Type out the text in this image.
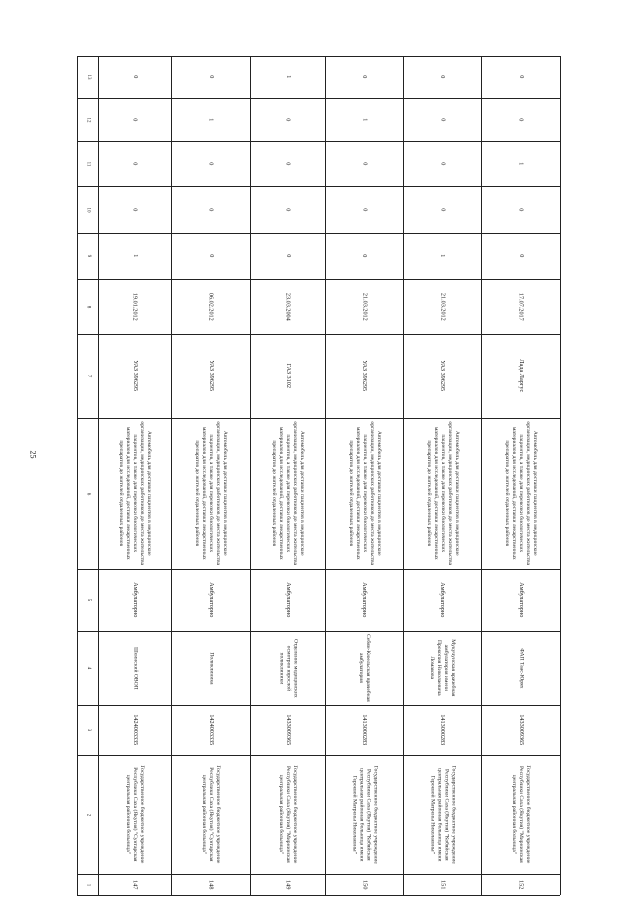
25
1
2
3
4
5
6
7
8
9
10
11
12
13
147
Государственное бюджетное учреждение Республики Саха (Якутия) "Сунтарская центральная районная больница"
1424003335
Шеинский ОВОП
Амбулаторно
Автомобиль для доставки пациентов в медицинские организации, медицинских работников до места жительства пациентов, а также для перевозки биологических материалов для исследований, доставки лекарственных препаратов до жителей отдаленных районов
УАЗ 396295
19.01.2012
1
0
0
0
0
148
Государственное бюджетное учреждение Республики Саха (Якутия) "Сунтарская центральная районная больница"
1424003335
Поликлиника
Амбулаторно
Автомобиль для доставки пациентов в медицинские организации, медицинских работников до места жительства пациентов, а также для перевозки биологических материалов для исследований, доставки лекарственных препаратов до жителей отдаленных районов
УАЗ 396295
06.02.2012
0
0
0
1
0
149
Государственное бюджетное учреждение Республики Саха (Якутия) "Мирнинская центральная районная больница"
1433009365
Отделение медицинских осмотров взрослой поликлиники
Амбулаторно
Автомобиль для доставки пациентов в медицинские организации, медицинских работников до места жительства пациентов, а также для перевозки биологических материалов для исследований, доставки лекарственных препаратов до жителей отдаленных районов
ГАЗ 3102
23.03.2004
0
0
0
0
1
150
Государственное бюджетное учреждение Республики Саха (Якутия) "Кобяйская центральная районная больница имени Героевой Матрены Николаевны"
1413000283
Себян-Кюельская врачебная амбулатория
Амбулаторно
Автомобиль для доставки пациентов в медицинские организации, медицинских работников до места жительства пациентов, а также для перевозки биологических материалов для исследований, доставки лекарственных препаратов до жителей отдаленных районов
УАЗ 396295
21.03.2012
0
0
0
1
0
151
Государственное бюджетное учреждение Республики Саха (Якутия) "Кобяйская центральная районная больница имени Героевой Матрены Николаевны"
1413000283
Мукучунская врачебная амбулатория имени Прокопия Николаевича Ломакова
Амбулаторно
Автомобиль для доставки пациентов в медицинские организации, медицинских работников до места жительства пациентов, а также для перевозки биологических материалов для исследований, доставки лекарственных препаратов до жителей отдаленных районов
УАЗ 396295
21.03.2012
1
0
0
0
0
152
Государственное бюджетное учреждение Республики Саха (Якутия) "Мирнинская центральная районная больница"
1433009365
ФАП Таас-Юрях
Амбулаторно
Автомобиль для доставки пациентов в медицинские организации, медицинских работников до места жительства пациентов, а также для перевозки биологических материалов для исследований, доставки лекарственных препаратов до жителей отдаленных районов
Лада Ларгус
17.07.2017
0
0
1
0
0
